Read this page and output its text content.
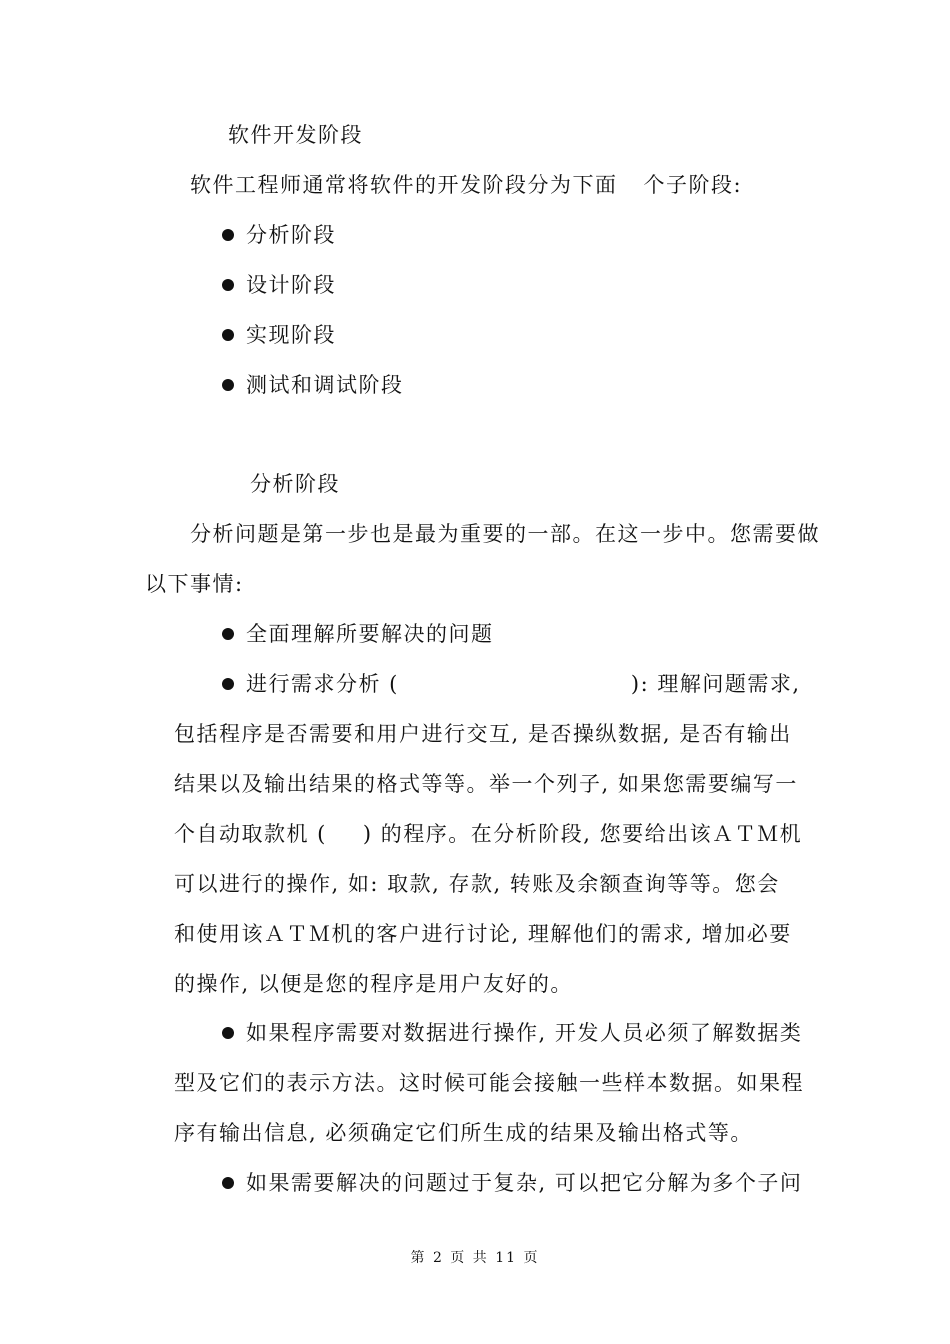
软件开发阶段
软件工程师通常将软件的开发阶段分为下面 个子阶段:
分析阶段
设计阶段
实现阶段
测试和调试阶段
分析阶段
分析问题是第一步也是最为重要的一部。在这一步中。您需要做
以下事情:
全面理解所要解决的问题
进行需求分析 (	): 理解问题需求,
包括程序是否需要和用户进行交互, 是否操纵数据, 是否有输出
结果以及输出结果的格式等等。举一个列子, 如果您需要编写一
个自动取款机 ( ) 的程序。在分析阶段, 您要给出该ＡＴＭ机
可以进行的操作, 如: 取款, 存款, 转账及余额查询等等。您会
和使用该ＡＴＭ机的客户进行讨论, 理解他们的需求, 增加必要
的操作, 以便是您的程序是用户友好的。
如果程序需要对数据进行操作, 开发人员必须了解数据类
型及它们的表示方法。这时候可能会接触一些样本数据。如果程
序有输出信息, 必须确定它们所生成的结果及输出格式等。
如果需要解决的问题过于复杂, 可以把它分解为多个子问
第 2 页 共 11 页
